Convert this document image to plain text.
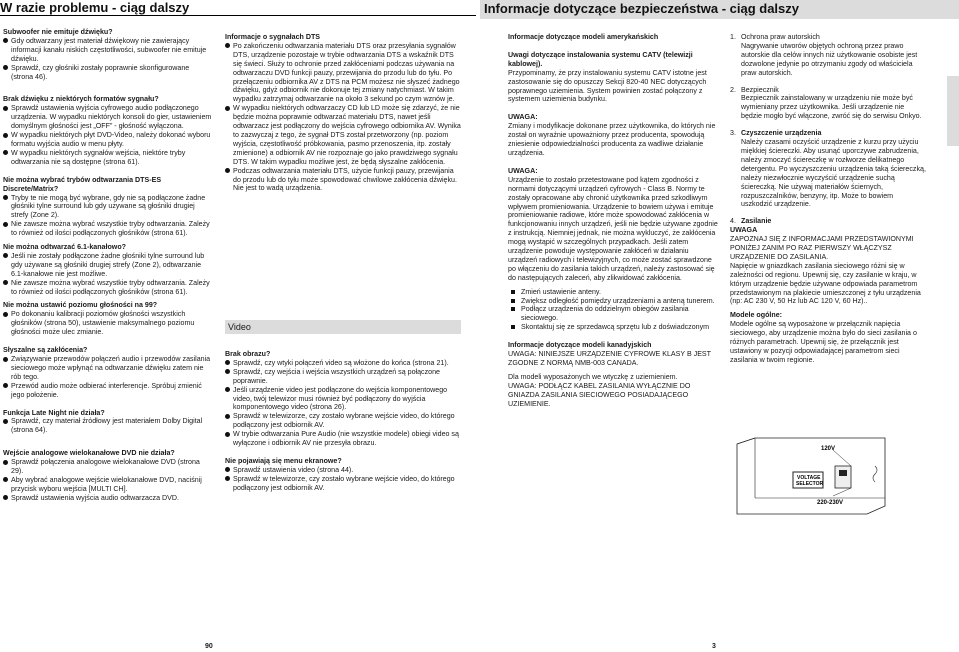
W razie problemu - ciąg dalszy	Informacje dotyczące bezpieczeństwa - ciąg dalszy

Subwoofer nie emituje dźwięku?

Gdy odtwarzany jest materiał dźwiękowy nie zawierający informacji kanału niskich częstotliwości, subwoofer nie emituje dźwięku.
Sprawdź, czy głośniki zostały poprawnie skonfigurowane (strona 46).

Brak dźwięku z niektórych formatów sygnału?

Sprawdź ustawienia wyjścia cyfrowego audio podłączonego urządzenia. W wypadku niektórych konsoli do gier, ustawieniem domyślnym głośności jest „OFF” - głośność wyłączona.
W wypadku niektórych płyt DVD-Video, należy dokonać wyboru formatu wyjścia audio w menu płyty.
W wypadku niektórych sygnałów wejścia, niektóre tryby odtwarzania nie są dostępne (strona 61).

Nie można wybrać trybów odtwarzania DTS-ES Discrete/Matrix?

Tryby te nie mogą być wybrane, gdy nie są podłączone żadne głośniki tylne surround lub gdy używane są głośniki drugiej strefy (Zone 2).
Nie zawsze można wybrać wszystkie tryby odtwarzania. Zależy to również od ilości podłączonych głośników (strona 61).

Nie można odtwarzać 6.1-kanałowo?

Jeśli nie zostały podłączone żadne głośniki tylne surround lub gdy używane są głośniki drugiej strefy (Zone 2), odtwarzanie 6.1-kanałowe nie jest możliwe.
Nie zawsze można wybrać wszystkie tryby odtwarzania. Zależy to również od ilości podłączonych głośników (strona 61).

Nie można ustawić poziomu głośności na 99?

Po dokonaniu kalibracji poziomów głośności wszystkich głośników (strona 50), ustawienie maksymalnego poziomu głośności może ulec zmianie.

Słyszalne są zakłócenia?

Związywanie przewodów połączeń audio i przewodów zasilania sieciowego może wpłynąć na odtwarzanie dźwięku zatem nie rób tego.
Przewód audio może odbierać interferencje. Spróbuj zmienić jego położenie.

Funkcja Late Night nie działa?

Sprawdź, czy materiał źródłowy jest materiałem Dolby Digital (strona 64).

Wejście analogowe wielokanałowe DVD nie działa?

Sprawdź połączenia analogowe wielokanałowe DVD (strona 29).
Aby wybrać analogowe wejście wielokanałowe DVD, naciśnij przycisk wyboru wejścia [MULTI CH].
Sprawdź ustawienia wyjścia audio odtwarzacza DVD.

Informacje o sygnałach DTS

Po zakończeniu odtwarzania materiału DTS oraz przesyłania sygnałów DTS, urządzenie pozostaje w trybie odtwarzania DTS a wskaźnik DTS się świeci. Służy to ochronie przed zakłóceniami podczas używania na odtwarzaczu DVD funkcji pauzy, przewijania do przodu lub do tyłu. Po przełączeniu odbiornika AV z DTS na PCM możesz nie słyszeć żadnego dźwięku, gdyż odbiornik nie dokonuje tej zmiany natychmiast. W takim wypadku zatrzymaj odtwarzanie na około 3 sekund po czym wznów je.
W wypadku niektórych odtwarzaczy CD lub LD może się zdarzyć, że nie będzie można poprawnie odtwarzać materiału DTS, nawet jeśli odtwarzacz jest podłączony do wejścia cyfrowego odbiornika AV. Wynika to zazwyczaj z tego, że sygnał DTS został przetworzony (np. poziom wyjścia, częstotliwość próbkowania, pasmo przenoszenia, itp. zostały zmienione) a odbiornik AV nie rozpoznaje go jako prawdziwego sygnału DTS. W takim wypadku możliwe jest, że będą słyszalne zakłócenia.
Podczas odtwarzania materiału DTS, użycie funkcji pauzy, przewijania do przodu lub do tyłu może spowodować chwilowe zakłócenia dźwięku. Nie jest to wadą urządzenia.
Video

Brak obrazu?

Sprawdź, czy wtyki połączeń video są włożone do końca (strona 21).
Sprawdź, czy wejścia i wejścia wszystkich urządzeń są połączone poprawnie.
Jeśli urządzenie video jest podłączone do wejścia komponentowego video, twój telewizor musi również być podłączony do wyjścia komponentowego video (strona 26).
Sprawdź w telewizorze, czy zostało wybrane wejście video, do którego podłączony jest odbiornik AV.
W trybie odtwarzania Pure Audio (nie wszystkie modele) obiegi video są wyłączone i odbiornik AV nie przesyła obrazu.

Nie pojawiają się menu ekranowe?

Sprawdź ustawienia video (strona 44).
Sprawdź w telewizorze, czy zostało wybrane wejście video, do którego podłączony jest odbiornik AV.

Informacje dotyczące modeli amerykańskich

Uwagi dotyczące instalowania systemu CATV (telewizji kablowej).

Przypominamy, że przy instalowaniu systemu CATV istotne jest zastosowanie się do opuszczy Sekcji 820-40 NEC dotyczących poprawnego uziemienia. System powinien zostać połączony z systemem uziemienia budynku.

UWAGA:

Zmiany i modyfikacje dokonane przez użytkownika, do których nie został on wyraźnie upoważniony przez producenta, spowodują zniesienie odpowiedzialności producenta za wadliwe działanie urządzenia.

UWAGA:

Urządzenie to zostało przetestowane pod kątem zgodności z normami dotyczącymi urządzeń cyfrowych - Class B. Normy te zostały opracowane aby chronić użytkownika przed szkodliwym wpływem promieniowania. Urządzenie to bowiem używa i emituje promieniowanie radiowe, które może spowodować zakłócenia w funkcjonowaniu innych urządzeń, jeśli nie będzie używane zgodnie z instrukcją. Niemniej jednak, nie można wykluczyć, że zakłócenia mogą wystąpić w szczególnych przypadkach. Jeśli zatem urządzenie powoduje występowanie zakłóceń w działaniu urządzeń radiowych i telewizyjnych, co może zostać sprawdzone po włączeniu do zasilania takich urządzeń, należy zastosować się do następujących zaleceń, aby zlikwidować zakłócenia.

Zmień ustawienie anteny.
Zwiększ odległość pomiędzy urządzeniami a anteną tunerem.
Podłącz urządzenia do oddzielnym obiegów zasilania sieciowego.
Skontaktuj się ze sprzedawcą sprzętu lub z doświadczonym

Informacje dotyczące modeli kanadyjskich

UWAGA: NINIEJSZE URZĄDZENIE CYFROWE KLASY B JEST ZGODNE Z NORMĄ NMB-003 CANADA.

Dla modeli wyposażonych we wtyczkę z uziemieniem.

UWAGA: PODŁĄCZ KABEL ZASILANIA WYŁĄCZNIE DO GNIAZDA ZASILANIA SIECIOWEGO POSIADAJĄCEGO UZIEMIENIE.

1. Ochrona praw autorskich

Nagrywanie utworów objętych ochroną przez prawo autorskie dla celów innych niż użytkowanie osobiste jest dozwolone jedynie po otrzymaniu zgody od właściciela praw autorskich.

2. Bezpiecznik

Bezpiecznik zainstalowany w urządzeniu nie może być wymieniany przez użytkownika. Jeśli urządzenie nie będzie mogło być włączone, zwróć się do serwisu Onkyo.

3. Czyszczenie urządzenia

Należy czasami oczyścić urządzenie z kurzu przy użyciu miękkiej ściereczki. Aby usunąć uporczywe zabrudzenia, należy zmoczyć ściereczkę w rozłworze delikatnego detergentu. Po wyczyszczeniu urządzenia taką ściereczką, należy niezwłocznie wyczyścić urządzenie suchą ściereczką. Nie używaj materiałów ściernych, rozpuszczalników, benzyny, itp. Może to bowiem uszkodzić urządzenie.

4. Zasilanie

UWAGA

ZAPOZNAJ SIĘ Z INFORMACJAMI PRZEDSTAWIONYMI PONIŻEJ ZANIM PO RAZ PIERWSZY WŁĄCZYSZ URZĄDZENIE DO ZASILANIA.

Napięcie w gniazdkach zasilania sieciowego różni się w zależności od regionu. Upewnij się, czy zasilanie w kraju, w którym urządzenie będzie używane odpowiada parametrom przedstawionym na plakiecie umieszczonej z tyłu urządzenia (np: AC 230 V, 50 Hz lub AC 120 V, 60 Hz)..

Modele ogólne:

Modele ogólne są wyposażone w przełącznik napięcia sieciowego, aby urządzenie można było do sieci zasilania o różnych parametrach. Upewnij się, że przełącznik jest ustawiony w pozycji odpowiadającej parametrom sieci zasilania w twoim regionie.

120V
VOLTAGE
SELECTOR
220-230V
90	3
